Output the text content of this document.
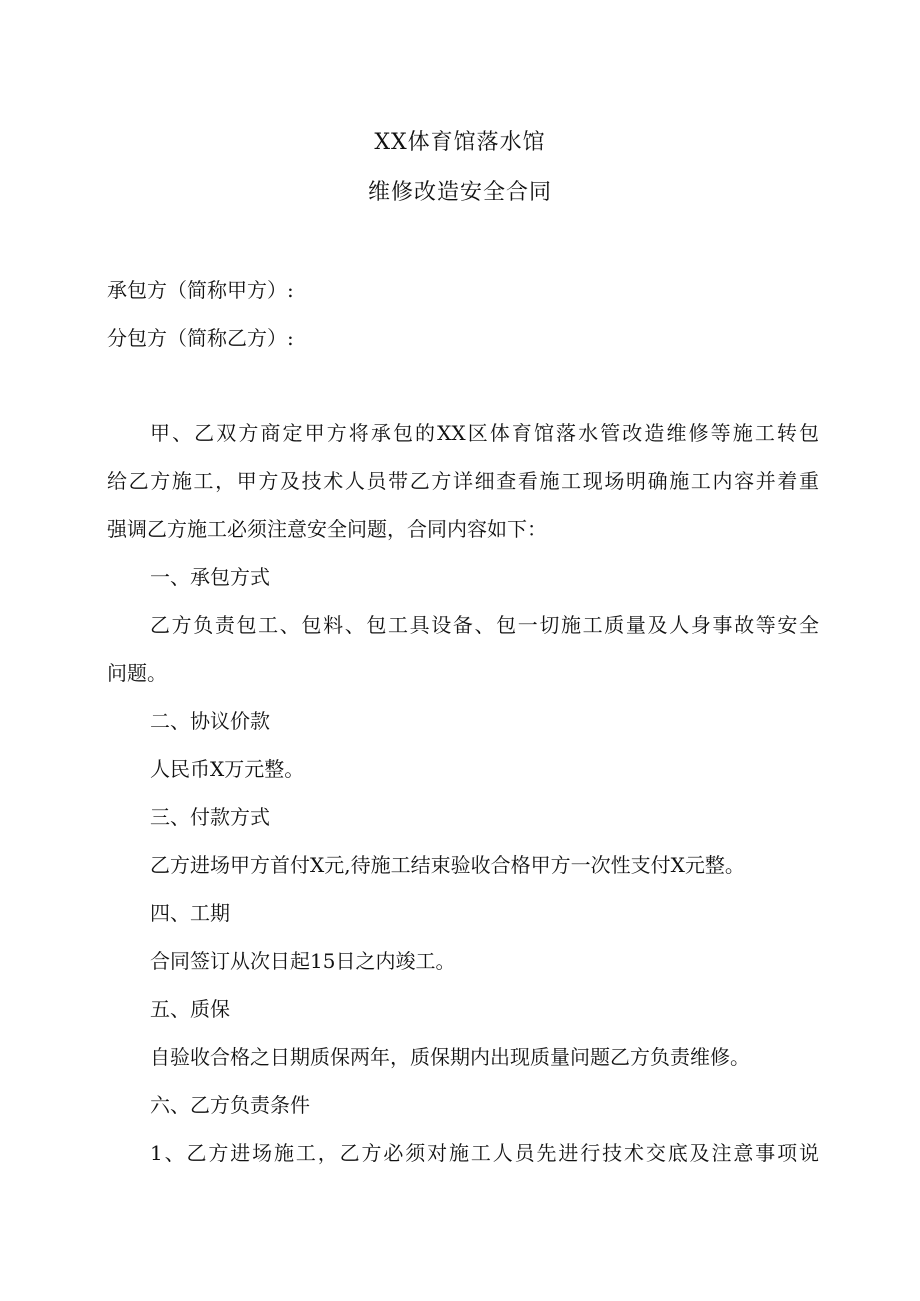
XX体育馆落水馆
维修改造安全合同
承包方（简称甲方）:
分包方（简称乙方）:
甲、乙双方商定甲方将承包的XX区体育馆落水管改造维修等施工转包
给乙方施工，甲方及技术人员带乙方详细查看施工现场明确施工内容并着重
强调乙方施工必须注意安全问题，合同内容如下：
一、承包方式
乙方负责包工、包料、包工具设备、包一切施工质量及人身事故等安全
问题。
二、协议价款
人民币X万元整。
三、付款方式
乙方进场甲方首付X元,待施工结束验收合格甲方一次性支付X元整。
四、工期
合同签订从次日起15日之内竣工。
五、质保
自验收合格之日期质保两年，质保期内出现质量问题乙方负责维修。
六、乙方负责条件
1、乙方进场施工，乙方必须对施工人员先进行技术交底及注意事项说
